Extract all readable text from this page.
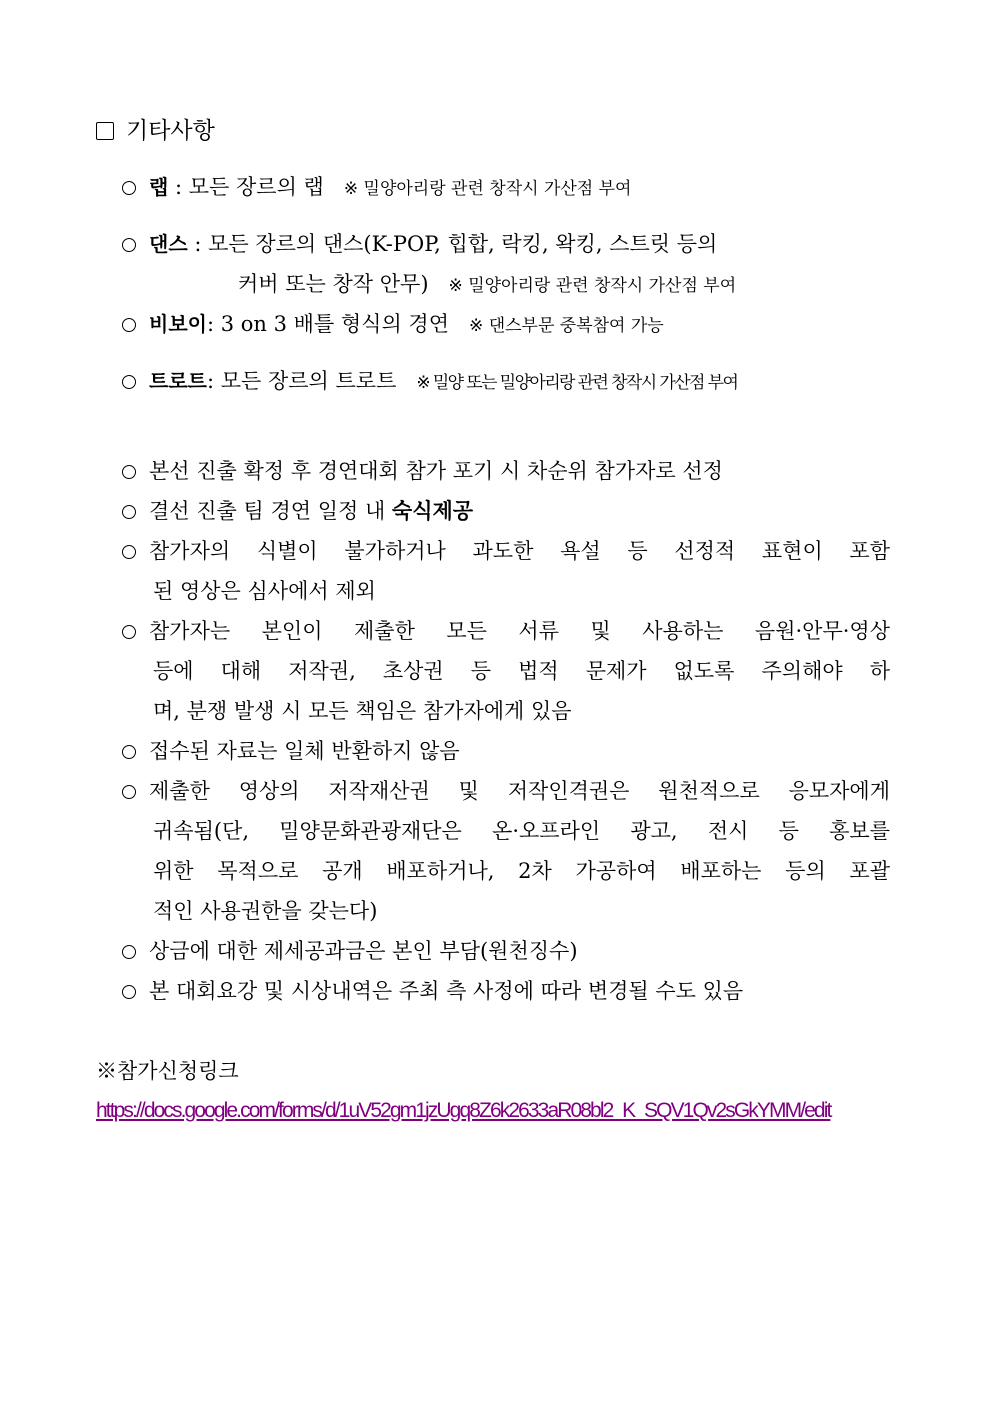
기타사항
랩 : 모든 장르의 랩 ※ 밀양아리랑 관련 창작시 가산점 부여
댄스 : 모든 장르의 댄스(K-POP, 힙합, 락킹, 왁킹, 스트릿 등의
커버 또는 창작 안무) ※ 밀양아리랑 관련 창작시 가산점 부여
비보이: 3 on 3 배틀 형식의 경연 ※ 댄스부문 중복참여 가능
트로트: 모든 장르의 트로트 ※ 밀양 또는 밀양아리랑 관련 창작시 가산점 부여
본선 진출 확정 후 경연대회 참가 포기 시 차순위 참가자로 선정
결선 진출 팀 경연 일정 내 숙식제공
참가자의 식별이 불가하거나 과도한 욕설 등 선정적 표현이 포함
된 영상은 심사에서 제외
참가자는 본인이 제출한 모든 서류 및 사용하는 음원·안무·영상
등에 대해 저작권, 초상권 등 법적 문제가 없도록 주의해야 하
며, 분쟁 발생 시 모든 책임은 참가자에게 있음
접수된 자료는 일체 반환하지 않음
제출한 영상의 저작재산권 및 저작인격권은 원천적으로 응모자에게
귀속됨(단, 밀양문화관광재단은 온·오프라인 광고, 전시 등 홍보를
위한 목적으로 공개 배포하거나, 2차 가공하여 배포하는 등의 포괄
적인 사용권한을 갖는다)
상금에 대한 제세공과금은 본인 부담(원천징수)
본 대회요강 및 시상내역은 주최 측 사정에 따라 변경될 수도 있음
※참가신청링크
https://docs.google.com/forms/d/1uV52gm1jzUgq8Z6k2633aR08bl2_K_SQV1Qv2sGkYMM/edit
